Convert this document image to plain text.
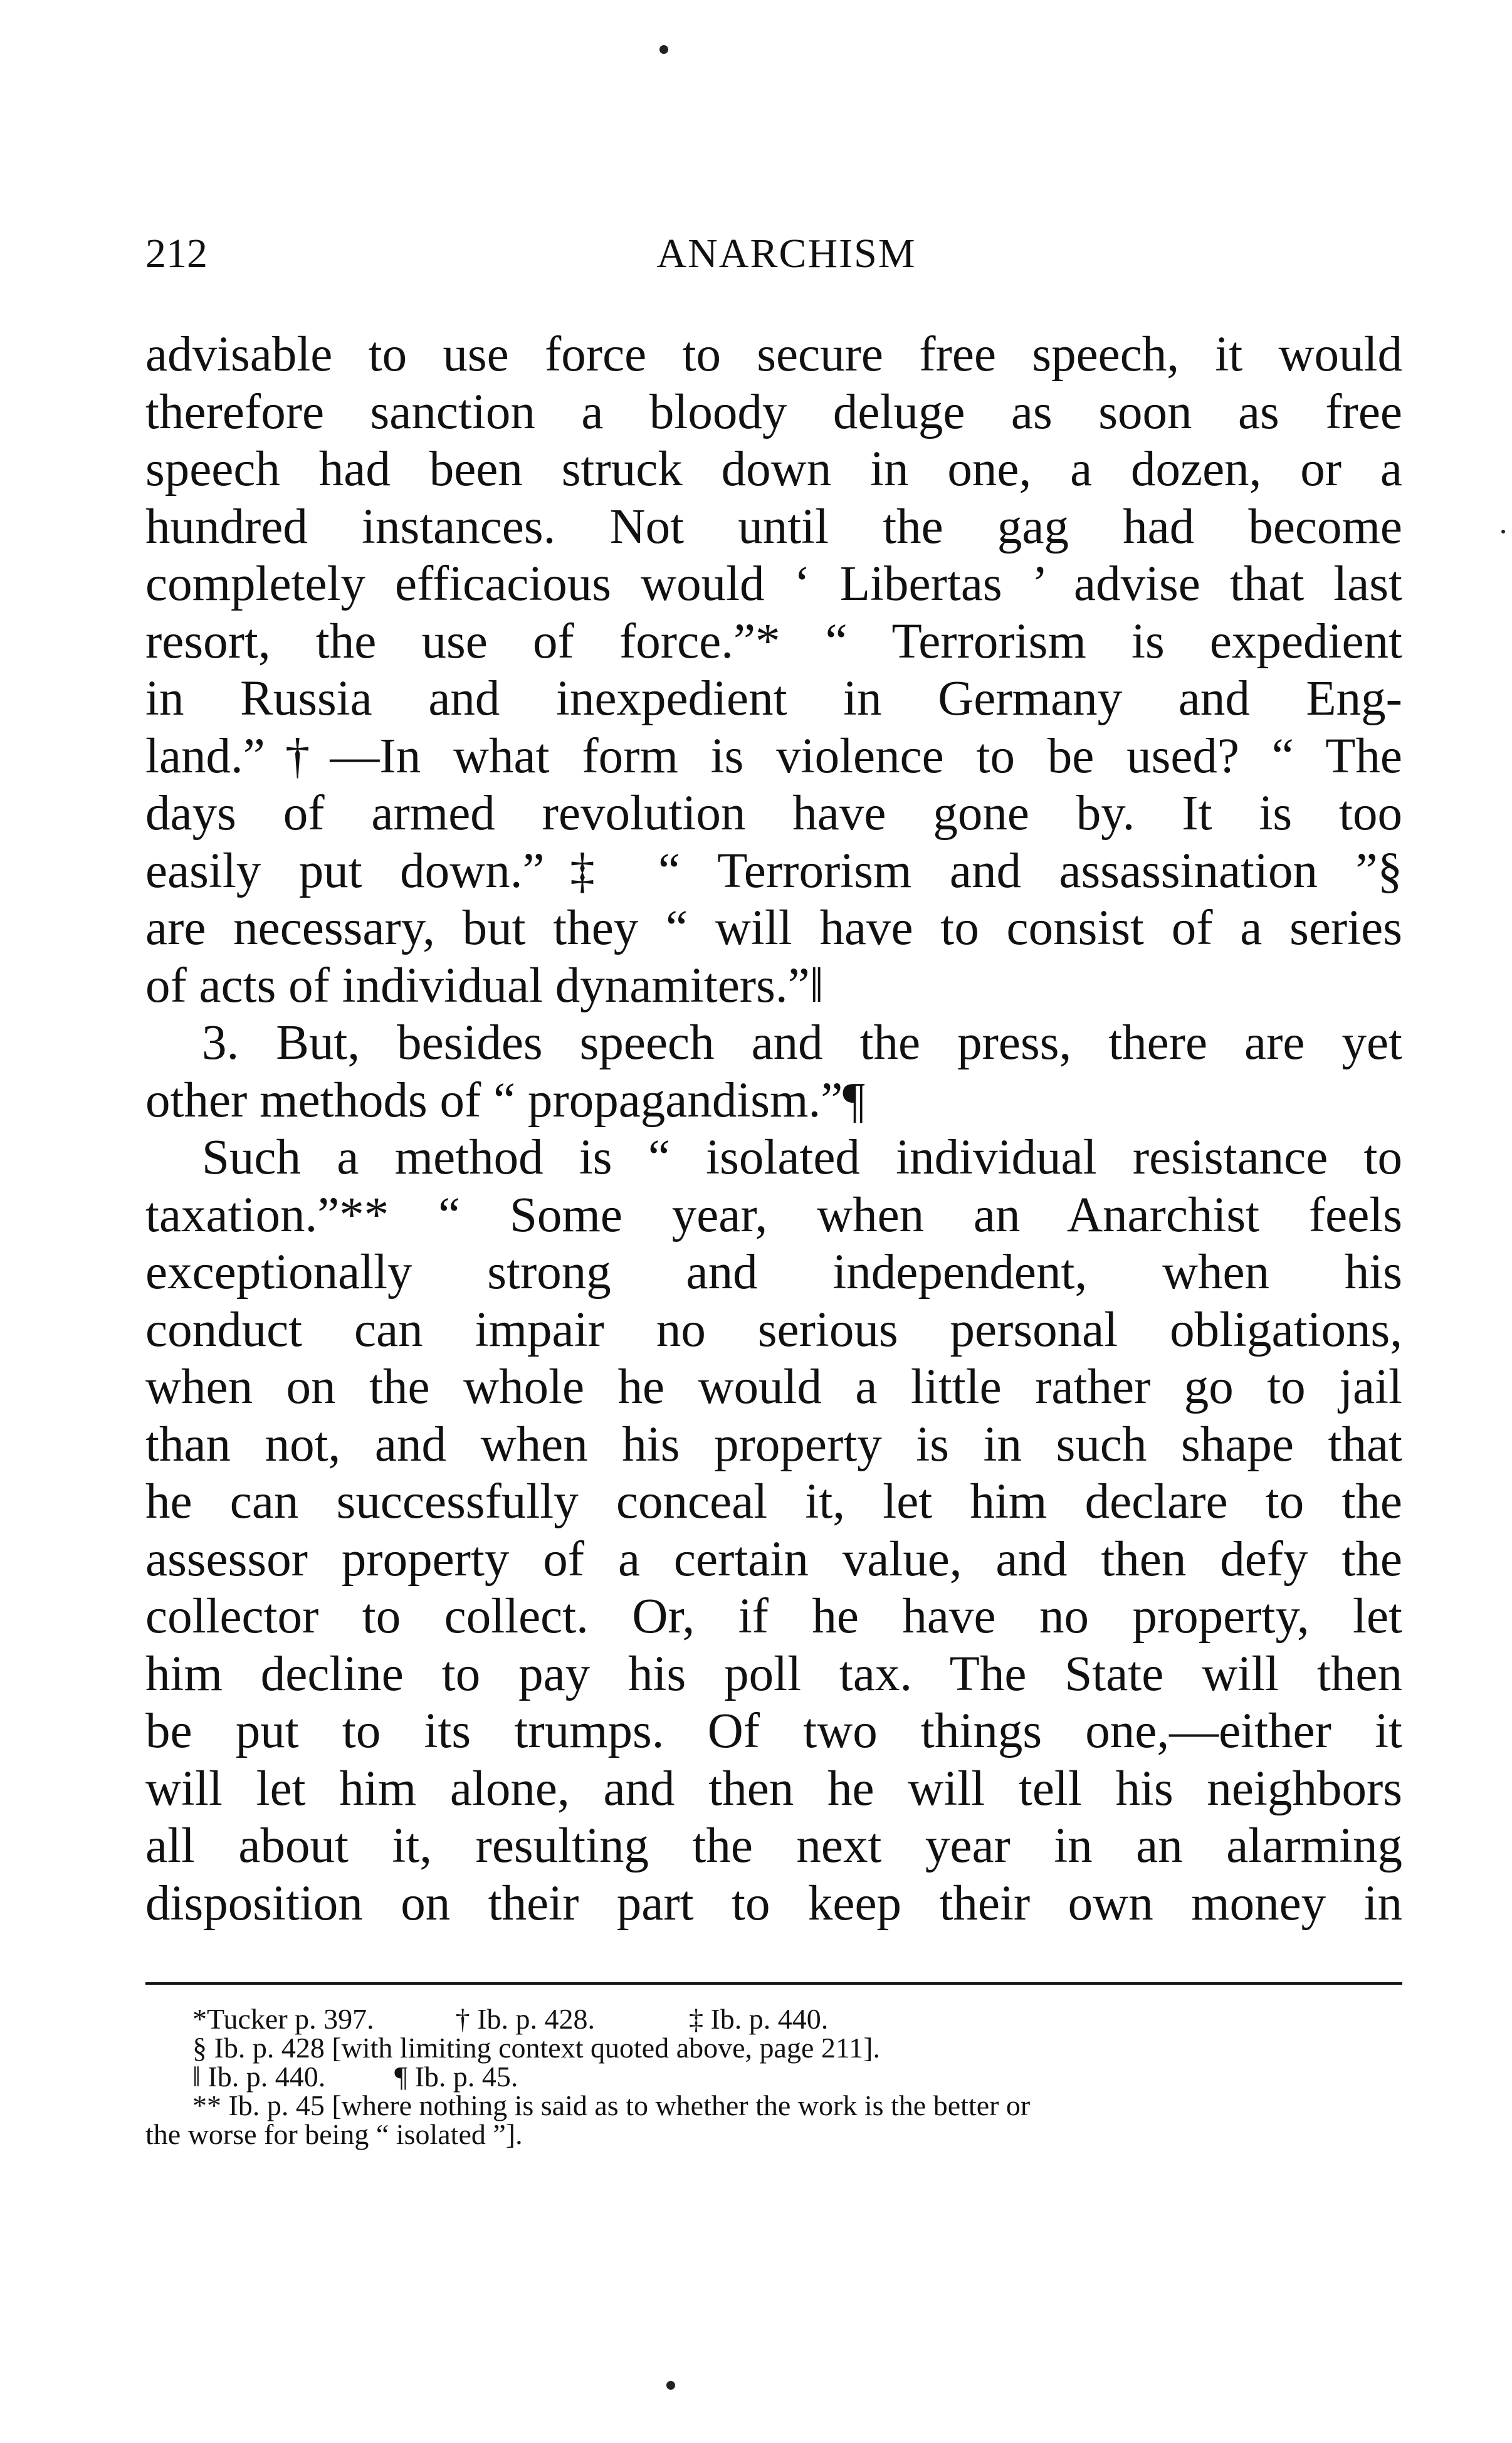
212	ANARCHISM
advisable to use force to secure free speech, it would
therefore sanction a bloody deluge as soon as free
speech had been struck down in one, a dozen, or a
hundred instances. Not until the gag had become
completely efficacious would ‘ Libertas ’ advise that last
resort, the use of force.”* “ Terrorism is expedient
in Russia and inexpedient in Germany and Eng-
land.”†—In what form is violence to be used? “ The
days of armed revolution have gone by. It is too
easily put down.”‡ “ Terrorism and assassination ”§
are necessary, but they “ will have to consist of a series
of acts of individual dynamiters.”‖
3. But, besides speech and the press, there are yet
other methods of “ propagandism.”¶
Such a method is “ isolated individual resistance to
taxation.”** “ Some year, when an Anarchist feels
exceptionally strong and independent, when his
conduct can impair no serious personal obligations,
when on the whole he would a little rather go to jail
than not, and when his property is in such shape that
he can successfully conceal it, let him declare to the
assessor property of a certain value, and then defy the
collector to collect. Or, if he have no property, let
him decline to pay his poll tax. The State will then
be put to its trumps. Of two things one,—either it
will let him alone, and then he will tell his neighbors
all about it, resulting the next year in an alarming
disposition on their part to keep their own money in
*Tucker p. 397.	† Ib. p. 428.	‡ Ib. p. 440.
§ Ib. p. 428 [with limiting context quoted above, page 211].
‖ Ib. p. 440. ¶ Ib. p. 45.
** Ib. p. 45 [where nothing is said as to whether the work is the better or
the worse for being “ isolated ”].
